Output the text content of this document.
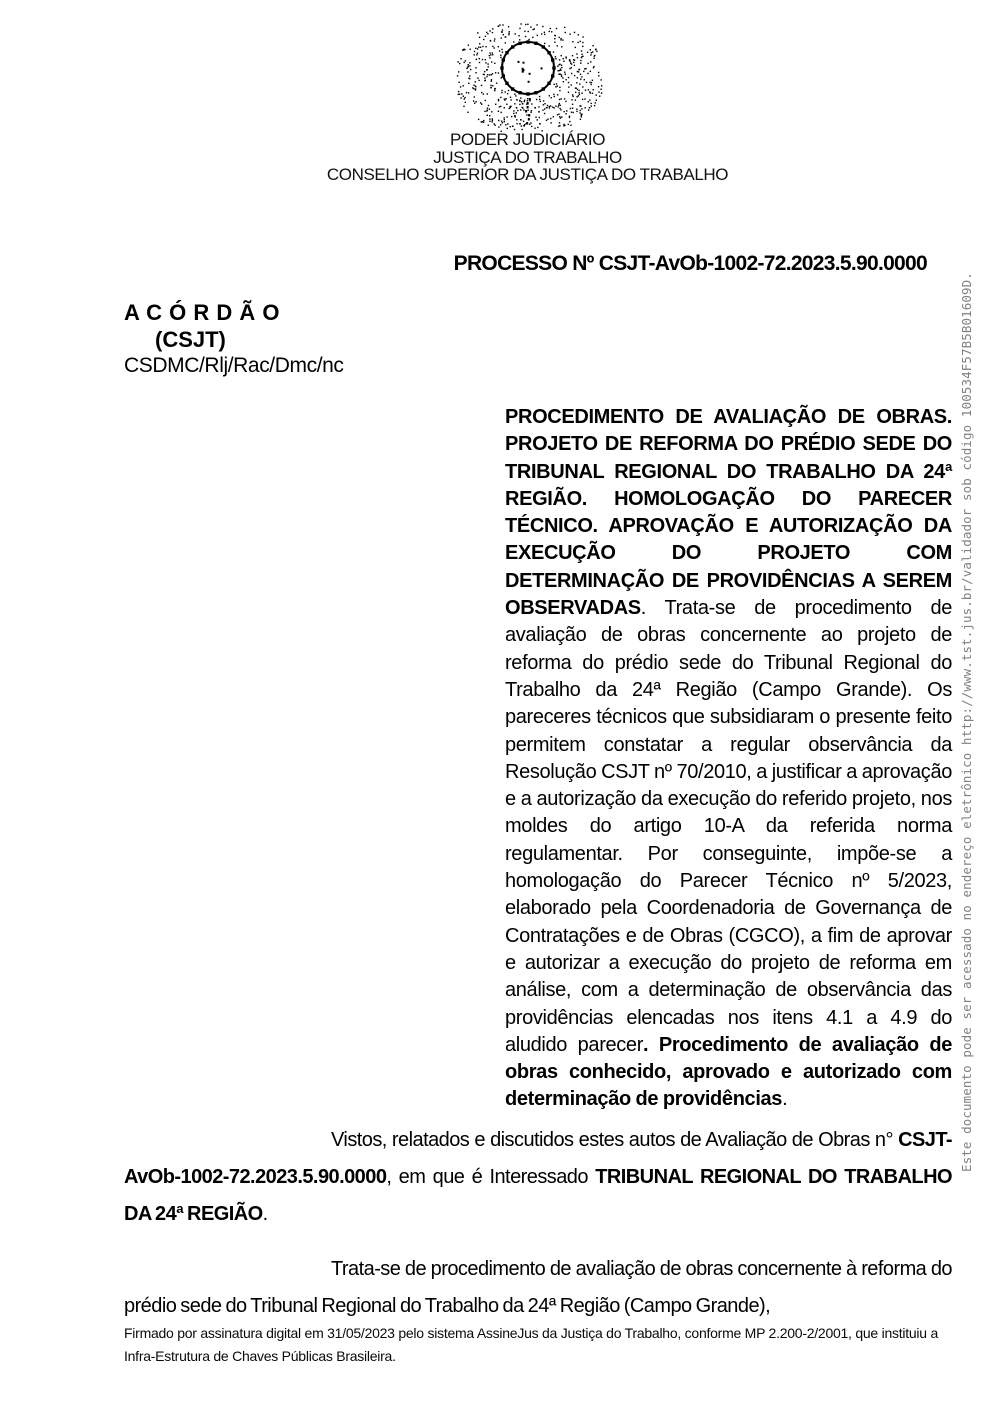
PODER JUDICIÁRIO
JUSTIÇA DO TRABALHO
CONSELHO SUPERIOR DA JUSTIÇA DO TRABALHO
PROCESSO Nº CSJT-AvOb-1002-72.2023.5.90.0000
A C Ó R D Ã O
(CSJT)
CSDMC/Rlj/Rac/Dmc/nc
PROCEDIMENTO DE AVALIAÇÃO DE OBRAS. PROJETO DE REFORMA DO PRÉDIO SEDE DO TRIBUNAL REGIONAL DO TRABALHO DA 24ª REGIÃO. HOMOLOGAÇÃO DO PARECER TÉCNICO. APROVAÇÃO E AUTORIZAÇÃO DA EXECUÇÃO DO PROJETO COM DETERMINAÇÃO DE PROVIDÊNCIAS A SEREM OBSERVADAS. Trata-se de procedimento de avaliação de obras concernente ao projeto de reforma do prédio sede do Tribunal Regional do Trabalho da 24ª Região (Campo Grande). Os pareceres técnicos que subsidiaram o presente feito permitem constatar a regular observância da Resolução CSJT nº 70/2010, a justificar a aprovação e a autorização da execução do referido projeto, nos moldes do artigo 10-A da referida norma regulamentar. Por conseguinte, impõe-se a homologação do Parecer Técnico nº 5/2023, elaborado pela Coordenadoria de Governança de Contratações e de Obras (CGCO), a fim de aprovar e autorizar a execução do projeto de reforma em análise, com a determinação de observância das providências elencadas nos itens 4.1 a 4.9 do aludido parecer. Procedimento de avaliação de obras conhecido, aprovado e autorizado com determinação de providências.
Vistos, relatados e discutidos estes autos de Avaliação de Obras n° CSJT-AvOb-1002-72.2023.5.90.0000, em que é Interessado TRIBUNAL REGIONAL DO TRABALHO DA 24ª REGIÃO.
Trata-se de procedimento de avaliação de obras concernente à reforma do prédio sede do Tribunal Regional do Trabalho da 24ª Região (Campo Grande),
Firmado por assinatura digital em 31/05/2023 pelo sistema AssineJus da Justiça do Trabalho, conforme MP 2.200-2/2001, que instituiu a Infra-Estrutura de Chaves Públicas Brasileira.
Este documento pode ser acessado no endereço eletrônico http://www.tst.jus.br/validador sob código 100534F57B5B01609D.
